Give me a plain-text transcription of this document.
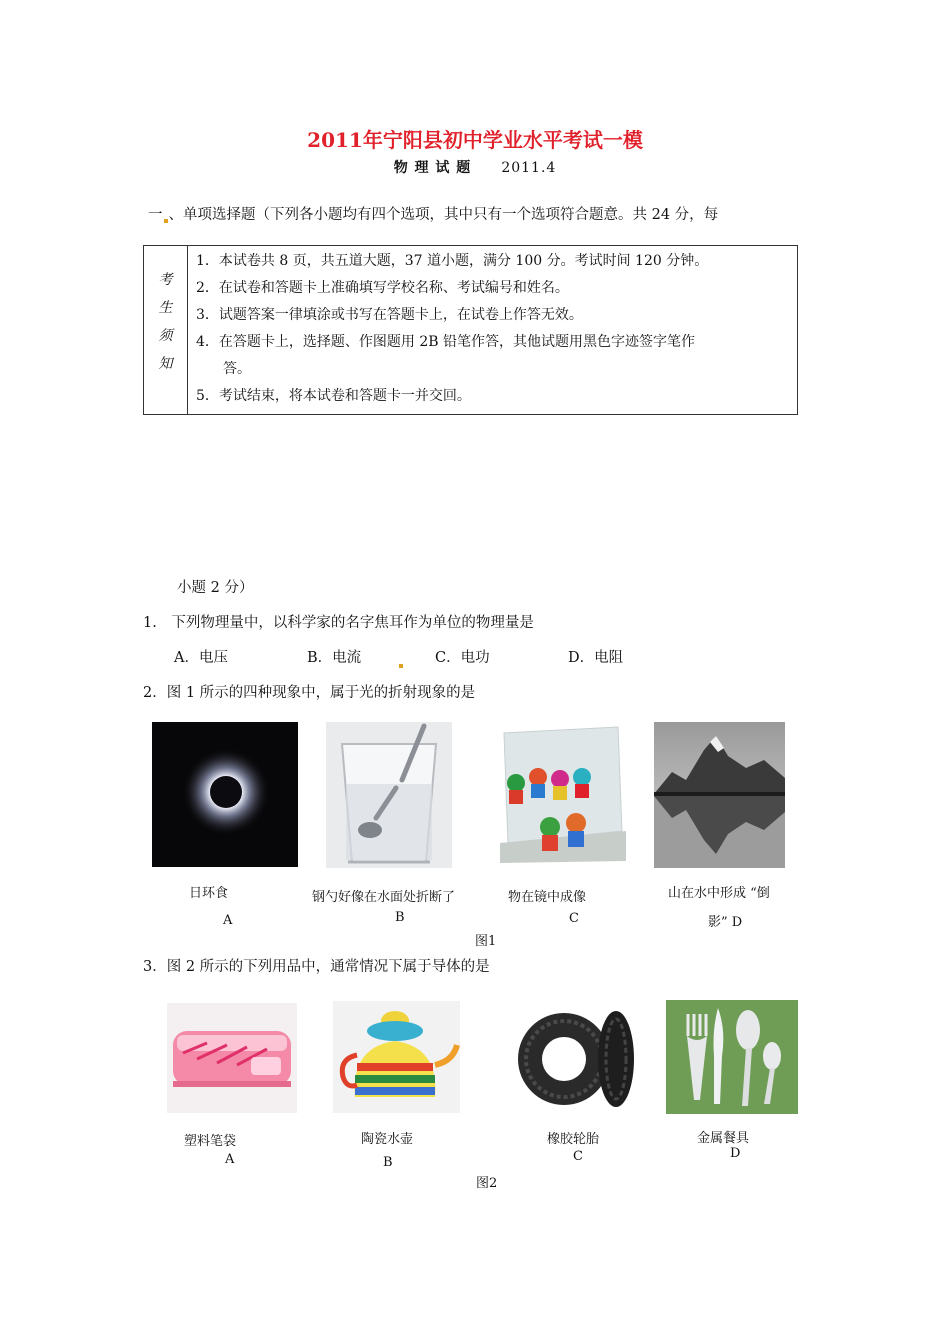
2011年宁阳县初中学业水平考试一模
物 理 试 题 2011.4
一 、单项选择题（下列各小题均有四个选项，其中只有一个选项符合题意。共 24 分，每
考
生
须
知

1．本试卷共 8 页，共五道大题，37 道小题，满分 100 分。考试时间 120 分钟。
2．在试卷和答题卡上准确填写学校名称、考试编号和姓名。
3．试题答案一律填涂或书写在答题卡上，在试卷上作答无效。
4．在答题卡上，选择题、作图题用 2B 铅笔作答，其他试题用黑色字迹签字笔作
答。
5．考试结束，将本试卷和答题卡一并交回。
小题 2 分）
1.　下列物理量中，以科学家的名字焦耳作为单位的物理量是
A．电压	B．电流	C．电功	D．电阻
2．图 1 所示的四种现象中，属于光的折射现象的是
日环食	钢勺好像在水面处折断了	物在镜中成像	山在水中形成 “倒
A	B	C	影” D
图1
3．图 2 所示的下列用品中，通常情况下属于导体的是
塑料笔袋	陶瓷水壶	橡胶轮胎	金属餐具
A	B	C	D
图2
